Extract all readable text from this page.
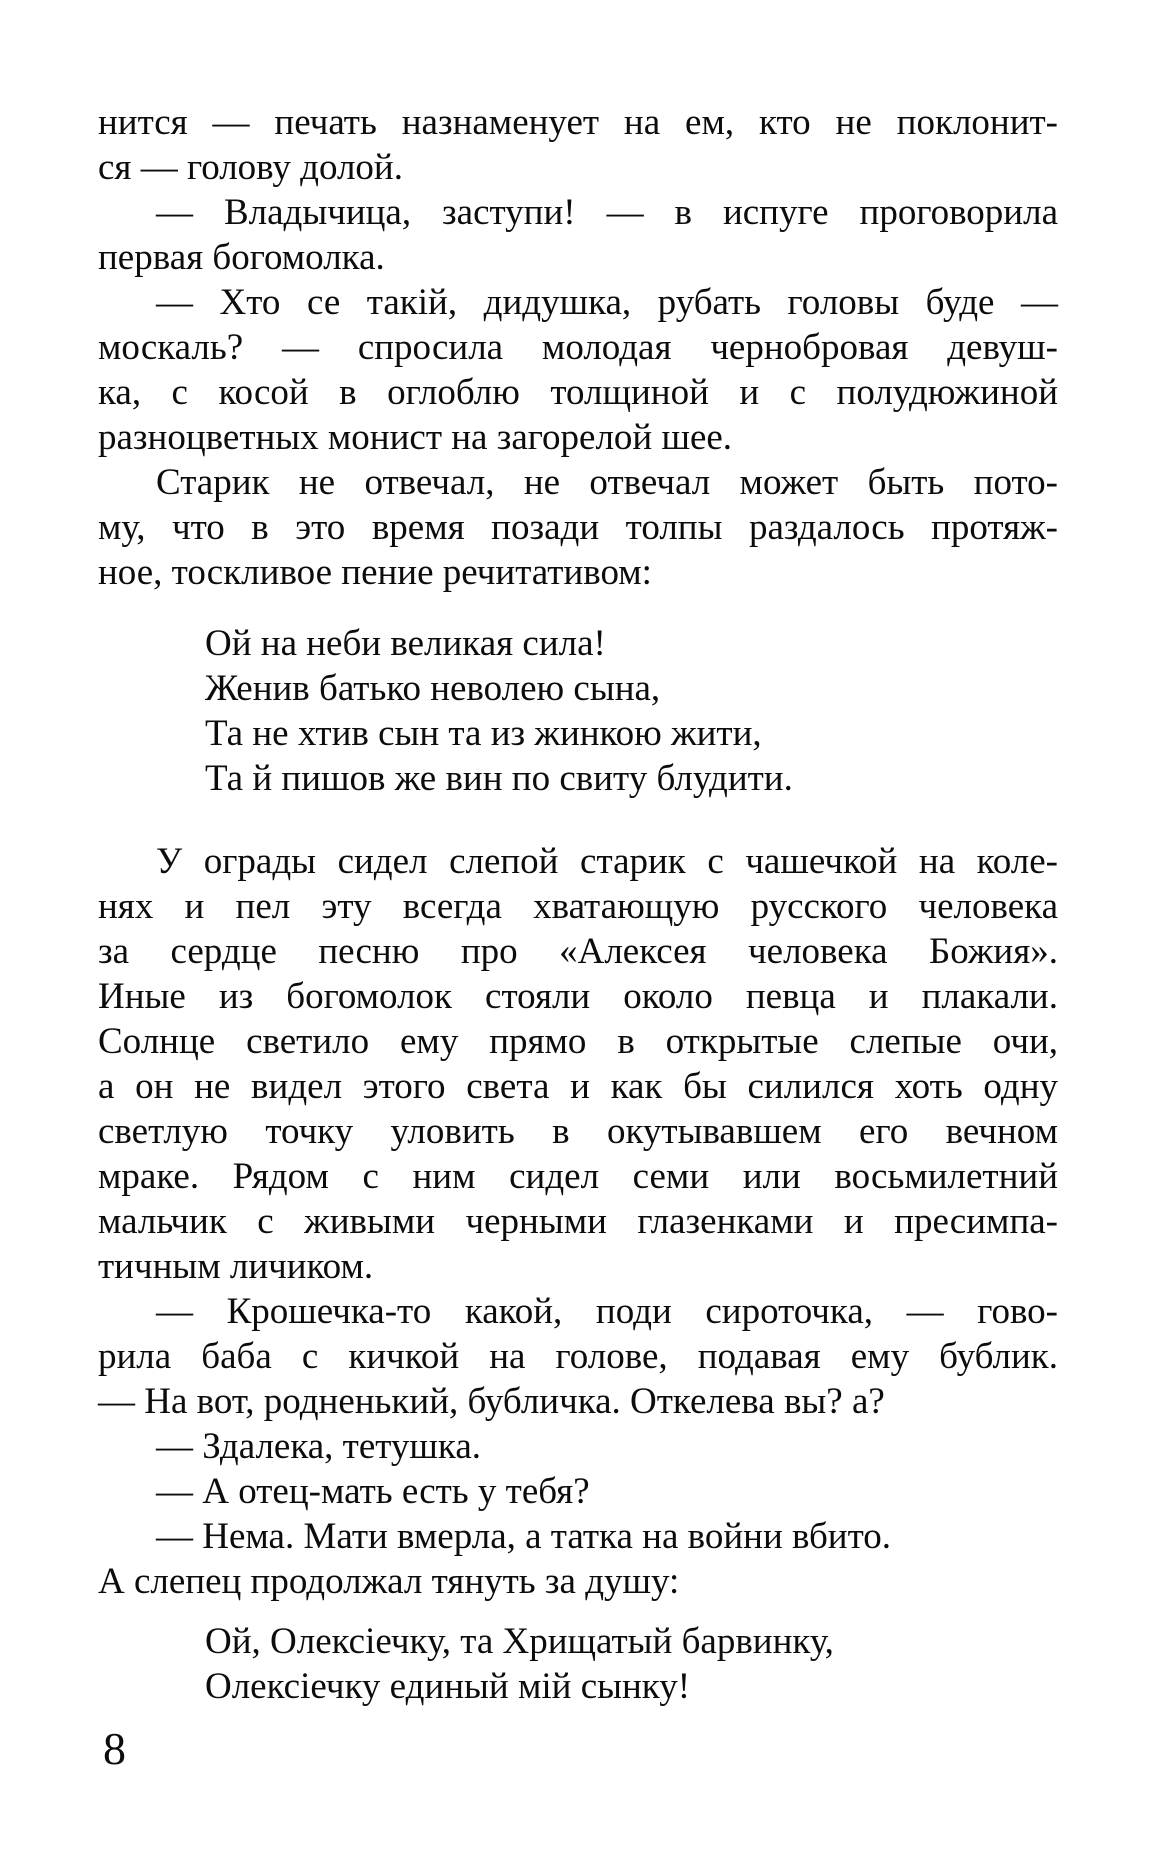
нится — печать назнаменует на ем, кто не поклонит-
ся — голову долой.
— Владычица, заступи! — в испуге проговорила
первая богомолка.
— Хто се такій, дидушка, рубать головы буде —
москаль? — спросила молодая чернобровая девуш-
ка, с косой в оглоблю толщиной и с полудюжиной
разноцветных монист на загорелой шее.
Старик не отвечал, не отвечал может быть пото-
му, что в это время позади толпы раздалось протяж-
ное, тоскливое пение речитативом:
Ой на неби великая сила!
Женив батько неволею сына,
Та не хтив сын та из жинкою жити,
Та й пишов же вин по свиту блудити.
У ограды сидел слепой старик с чашечкой на коле-
нях и пел эту всегда хватающую русского человека
за сердце песню про «Алексея человека Божия».
Иные из богомолок стояли около певца и плакали.
Солнце светило ему прямо в открытые слепые очи,
а он не видел этого света и как бы силился хоть одну
светлую точку уловить в окутывавшем его вечном
мраке. Рядом с ним сидел семи или восьмилетний
мальчик с живыми черными глазенками и пресимпа-
тичным личиком.
— Крошечка-то какой, поди сироточка, — гово-
рила баба с кичкой на голове, подавая ему бублик.
— На вот, родненький, бубличка. Откелева вы? а?
— Здалека, тетушка.
— А отец-мать есть у тебя?
— Нема. Мати вмерла, а татка на войни вбито.
А слепец продолжал тянуть за душу:
Ой, Олексіечку, та Хрищатый барвинку,
Олексіечку единый мій сынку!
8
